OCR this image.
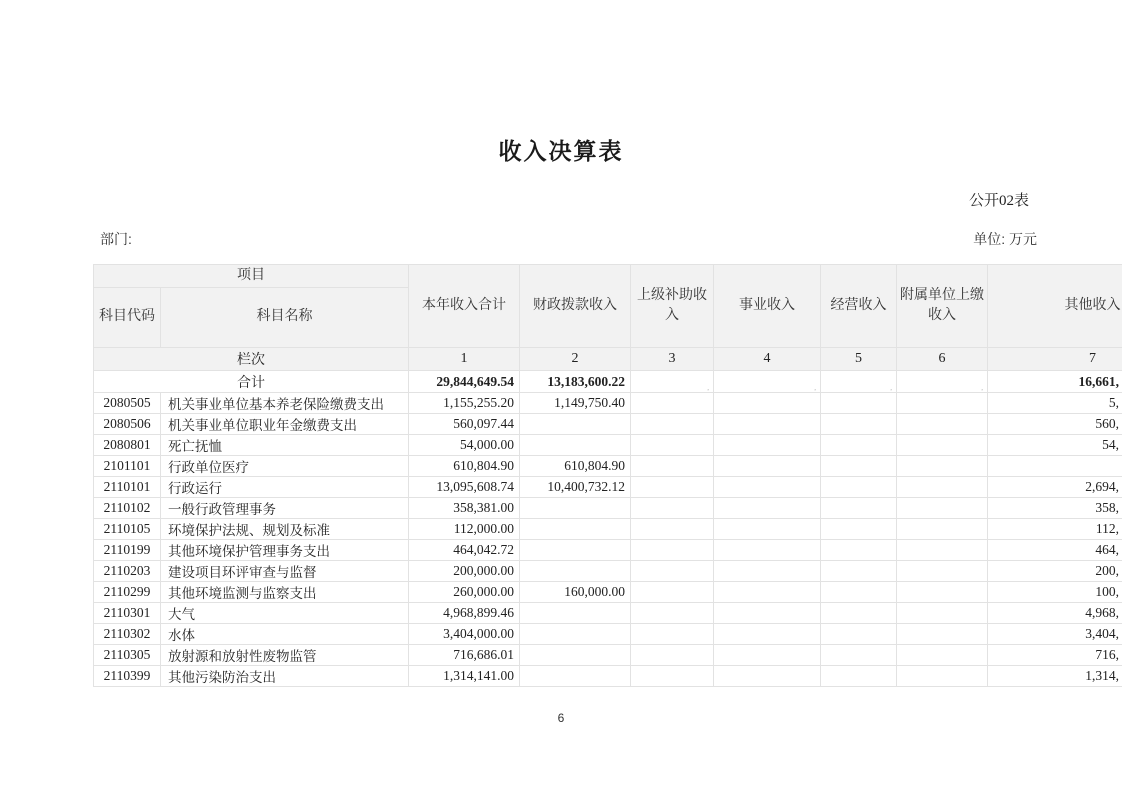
收入决算表
公开02表
部门:	单位: 万元
项目		本年收入合计	财政拨款收入	上级补助收入	事业收入	经营收入	附属单位上缴收入	其他收入
科目代码	科目名称							
栏次		1	2	3	4	5	6	7
合计		29,844,649.54	13,183,600.22	,	,	,	,	16,661,
2080505	机关事业单位基本养老保险缴费支出	1,155,255.20	1,149,750.40					5,
2080506	机关事业单位职业年金缴费支出	560,097.44						560,
2080801	死亡抚恤	54,000.00						54,
2101101	行政单位医疗	610,804.90	610,804.90					
2110101	行政运行	13,095,608.74	10,400,732.12					2,694,
2110102	一般行政管理事务	358,381.00						358,
2110105	环境保护法规、规划及标准	112,000.00						112,
2110199	其他环境保护管理事务支出	464,042.72						464,
2110203	建设项目环评审查与监督	200,000.00						200,
2110299	其他环境监测与监察支出	260,000.00	160,000.00					100,
2110301	大气	4,968,899.46						4,968,
2110302	水体	3,404,000.00						3,404,
2110305	放射源和放射性废物监管	716,686.01						716,
2110399	其他污染防治支出	1,314,141.00						1,314,
6
